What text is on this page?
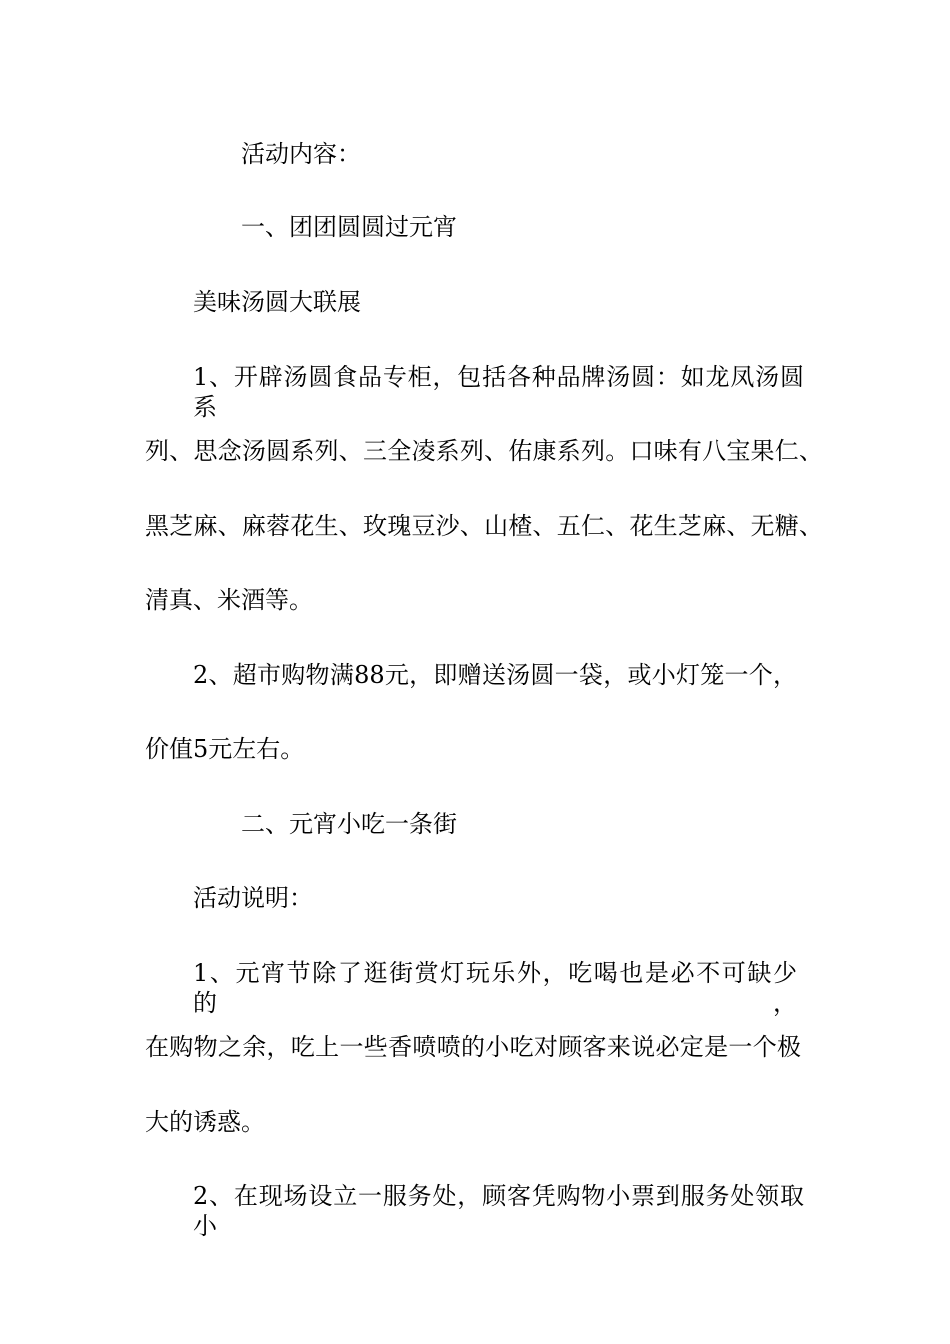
活动内容：
一、团团圆圆过元宵
美味汤圆大联展
1、开辟汤圆食品专柜，包括各种品牌汤圆：如龙凤汤圆系
列、思念汤圆系列、三全凌系列、佑康系列。口味有八宝果仁、
黑芝麻、麻蓉花生、玫瑰豆沙、山楂、五仁、花生芝麻、无糖、
清真、米酒等。
2、超市购物满88元，即赠送汤圆一袋，或小灯笼一个，
价值5元左右。
二、元宵小吃一条街
活动说明：
1、元宵节除了逛街赏灯玩乐外，吃喝也是必不可缺少的，
在购物之余，吃上一些香喷喷的小吃对顾客来说必定是一个极
大的诱惑。
2、在现场设立一服务处，顾客凭购物小票到服务处领取小
